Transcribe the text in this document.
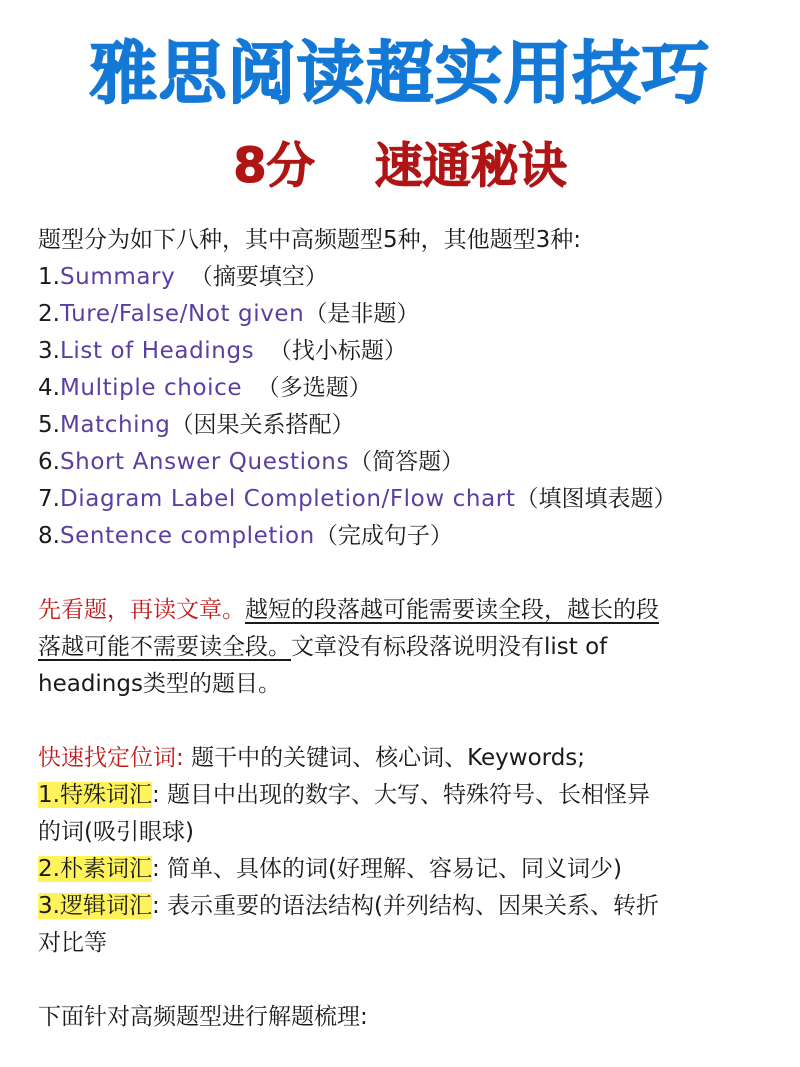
雅思阅读超实用技巧
8分 速通秘诀
题型分为如下八种，其中高频题型5种，其他题型3种:
1.Summary  （摘要填空）
2.Ture/False/Not given（是非题）
3.List of Headings  （找小标题）
4.Multiple choice  （多选题）
5.Matching（因果关系搭配）
6.Short Answer Questions（简答题）
7.Diagram Label Completion/Flow chart（填图填表题）
8.Sentence completion（完成句子）
先看题，再读文章。越短的段落越可能需要读全段，越长的段
落越可能不需要读全段。文章没有标段落说明没有list of
headings类型的题目。
快速找定位词: 题干中的关键词、核心词、Keywords;
1.特殊词汇: 题目中出现的数字、大写、特殊符号、长相怪异
的词(吸引眼球)
2.朴素词汇: 简单、具体的词(好理解、容易记、同义词少)
3.逻辑词汇: 表示重要的语法结构(并列结构、因果关系、转折
对比等
下面针对高频题型进行解题梳理:
